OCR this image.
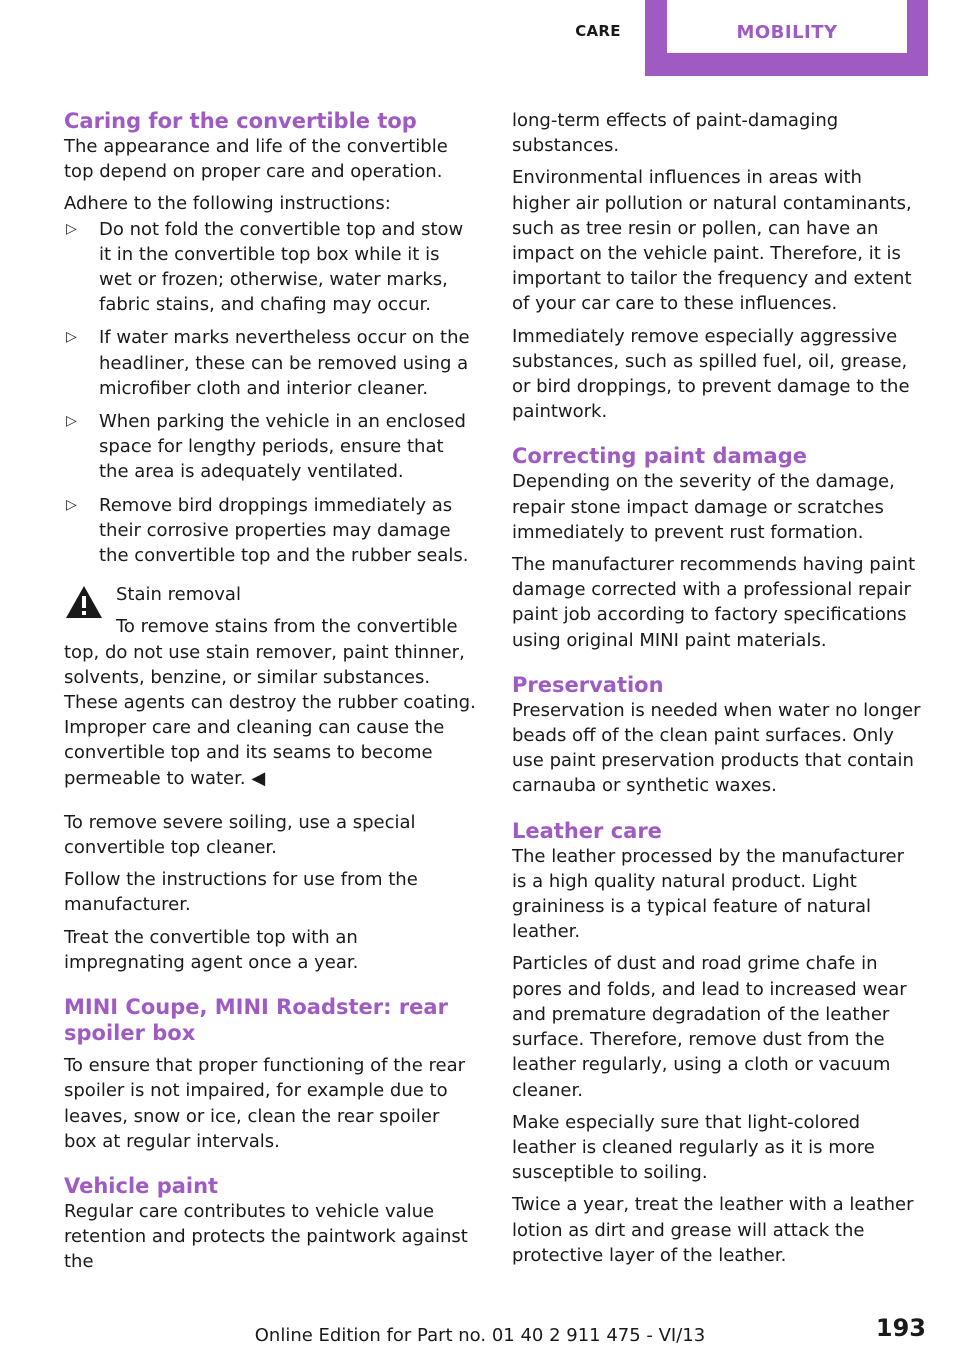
CARE	MOBILITY
Caring for the convertible top

The appearance and life of the convertible top depend on proper care and operation.

Adhere to the following instructions:

▷ Do not fold the convertible top and stow it in the convertible top box while it is wet or frozen; otherwise, water marks, fabric stains, and chafing may occur.
▷ If water marks nevertheless occur on the headliner, these can be removed using a microfiber cloth and interior cleaner.
▷ When parking the vehicle in an enclosed space for lengthy periods, ensure that the area is adequately ventilated.
▷ Remove bird droppings immediately as their corrosive properties may damage the convertible top and the rubber seals.
Stain removal
To remove stains from the convertible

top, do not use stain remover, paint thinner, solvents, benzine, or similar substances. These agents can destroy the rubber coating. Improper care and cleaning can cause the convertible top and its seams to become permeable to water. ◀

To remove severe soiling, use a special convertible top cleaner.

Follow the instructions for use from the manufacturer.

Treat the convertible top with an impregnating agent once a year.

MINI Coupe, MINI Roadster: rear spoiler box

To ensure that proper functioning of the rear spoiler is not impaired, for example due to leaves, snow or ice, clean the rear spoiler box at regular intervals.

Vehicle paint

Regular care contributes to vehicle value retention and protects the paintwork against the

long-term effects of paint-damaging substances.

Environmental influences in areas with higher air pollution or natural contaminants, such as tree resin or pollen, can have an impact on the vehicle paint. Therefore, it is important to tailor the frequency and extent of your car care to these influences.

Immediately remove especially aggressive substances, such as spilled fuel, oil, grease, or bird droppings, to prevent damage to the paintwork.

Correcting paint damage

Depending on the severity of the damage, repair stone impact damage or scratches immediately to prevent rust formation.

The manufacturer recommends having paint damage corrected with a professional repair paint job according to factory specifications using original MINI paint materials.

Preservation

Preservation is needed when water no longer beads off of the clean paint surfaces. Only use paint preservation products that contain carnauba or synthetic waxes.

Leather care

The leather processed by the manufacturer is a high quality natural product. Light graininess is a typical feature of natural leather.

Particles of dust and road grime chafe in pores and folds, and lead to increased wear and premature degradation of the leather surface. Therefore, remove dust from the leather regularly, using a cloth or vacuum cleaner.

Make especially sure that light-colored leather is cleaned regularly as it is more susceptible to soiling.

Twice a year, treat the leather with a leather lotion as dirt and grease will attack the protective layer of the leather.

193
Online Edition for Part no. 01 40 2 911 475 - VI/13
